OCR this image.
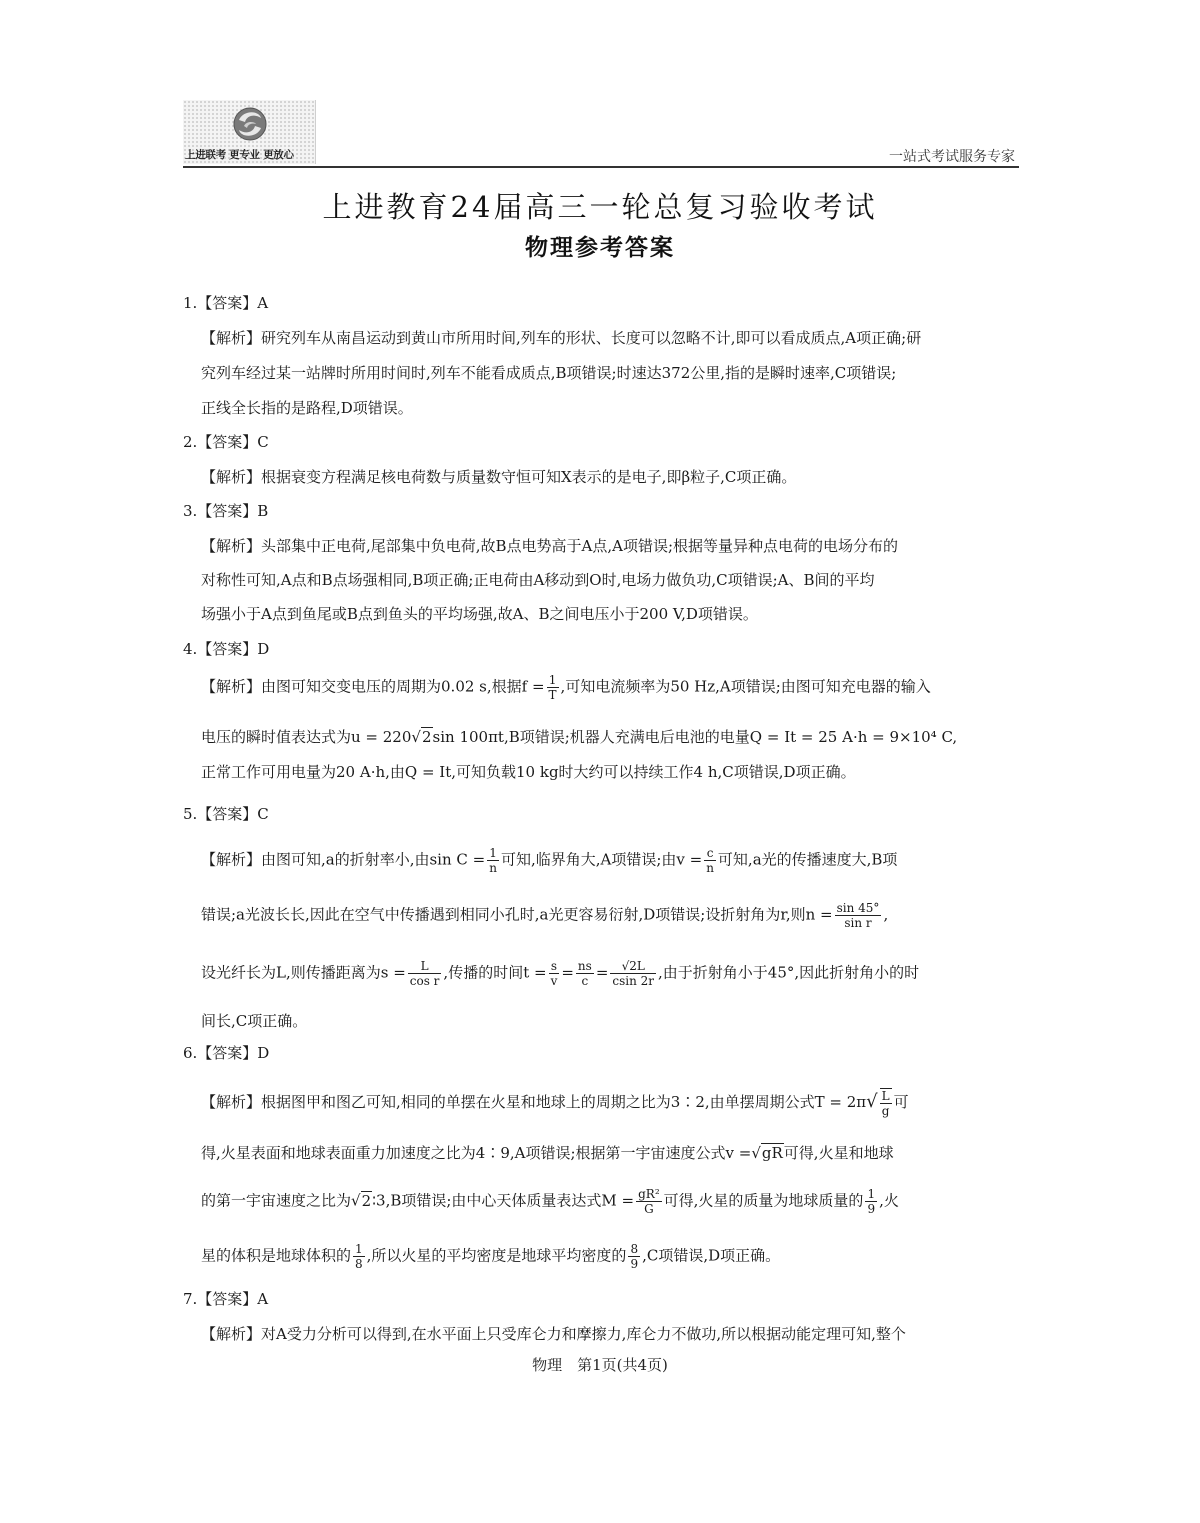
上进联考 更专业 更放心	一站式考试服务专家
上进教育24届高三一轮总复习验收考试
物理参考答案
1.【答案】A
【解析】研究列车从南昌运动到黄山市所用时间,列车的形状、长度可以忽略不计,即可以看成质点,A项正确;研
究列车经过某一站牌时所用时间时,列车不能看成质点,B项错误;时速达372公里,指的是瞬时速率,C项错误;
正线全长指的是路程,D项错误。
2.【答案】C
【解析】根据衰变方程满足核电荷数与质量数守恒可知X表示的是电子,即β粒子,C项正确。
3.【答案】B
【解析】头部集中正电荷,尾部集中负电荷,故B点电势高于A点,A项错误;根据等量异种点电荷的电场分布的
对称性可知,A点和B点场强相同,B项正确;正电荷由A移动到O时,电场力做负功,C项错误;A、B间的平均
场强小于A点到鱼尾或B点到鱼头的平均场强,故A、B之间电压小于200 V,D项错误。
4.【答案】D
【解析】由图可知交变电压的周期为0.02 s,根据$f = \frac{1}{T}$ ,可知电流频率为50 Hz,A项错误;由图可知充电器的输入
电压的瞬时值表达式为u = 220√2sin 100πt,B项错误;机器人充满电后电池的电量Q = It = 25 A·h = 9×10⁴ C,
正常工作可用电量为20 A·h,由Q = It,可知负载10 kg时大约可以持续工作4 h,C项错误,D项正确。
5.【答案】C
【解析】由图可知,a的折射率小,由$\sin C = \frac{1}{n}$ 可知,临界角大,A项错误;由$v = \frac{c}{n}$ 可知,a光的传播速度大,B项
错误;a光波长长,因此在空气中传播遇到相同小孔时,a光更容易衍射,D项错误;设折射角为r,则$n = \frac{\sin 45^\circ}{\text{sin r}}$ ,
设光纤长为L,则传播距离为$s = \frac{L}{\text{cos r}}$ ,传播的时间$t = \frac{s}{v} = \frac{ns}{c} = \frac{√2L}{csin 2r}$ ,由于折射角小于45°,因此折射角小的时
间长,C项正确。
6.【答案】D
【解析】根据图甲和图乙可知,相同的单摆在火星和地球上的周期之比为3∶2,由单摆周期公式$T = 2\pi√ \frac{L}{g}$ 可
得,火星表面和地球表面重力加速度之比为4∶9,A项错误;根据第一宇宙速度公式v =√gR可得,火星和地球
的第一宇宙速度之比为√2∶3,B项错误;由中心天体质量表达式$M = \frac{\text{gR²}}{G}$ 可得,火星的质量为地球质量的 $\frac{1}{9}$ ,火
星的体积是地球体积的 $\frac{1}{8}$ ,所以火星的平均密度是地球平均密度的 $\frac{8}{9} ,C$项错误,D项正确。
7.【答案】A
【解析】对A受力分析可以得到,在水平面上只受库仑力和摩擦力,库仑力不做功,所以根据动能定理可知,整个
物理　第1页(共4页)
